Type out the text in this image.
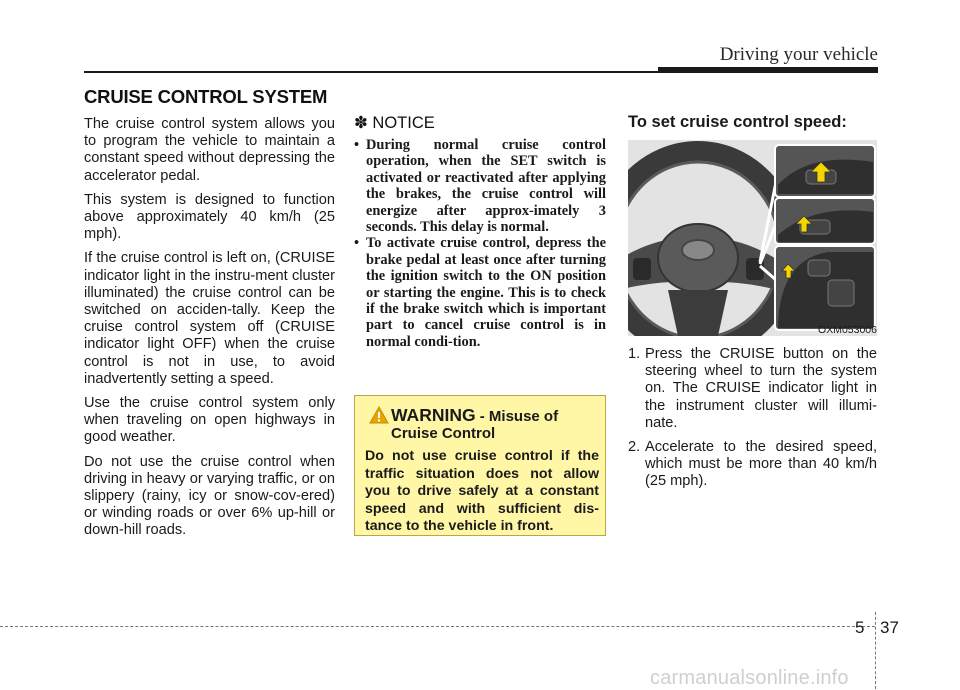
Driving your vehicle
CRUISE CONTROL SYSTEM

The cruise control system allows you to program the vehicle to maintain a constant speed without depressing the accelerator pedal.

This system is designed to function above approximately 40 km/h (25 mph).

If the cruise control is left on, (CRUISE indicator light in the instru-ment cluster illuminated) the cruise control can be switched on acciden-tally. Keep the cruise control system off (CRUISE indicator light OFF) when the cruise control is not in use, to avoid inadvertently setting a speed.

Use the cruise control system only when traveling on open highways in good weather.

Do not use the cruise control when driving in heavy or varying traffic, or on slippery (rainy, icy or snow-cov-ered) or winding roads or over 6% up-hill or down-hill roads.

✽ NOTICE
• During normal cruise control operation, when the SET switch is activated or reactivated after applying the brakes, the cruise control will energize after approx-imately 3 seconds. This delay is normal.
• To activate cruise control, depress the brake pedal at least once after turning the ignition switch to the ON position or starting the engine. This is to check if the brake switch which is important part to cancel cruise control is in normal condi-tion.
WARNING - Misuse of Cruise Control
Do not use cruise control if the traffic situation does not allow you to drive safely at a constant speed and with sufficient dis-tance to the vehicle in front.
To set cruise control speed:
OXM053006
1. Press the CRUISE button on the steering wheel to turn the system on. The CRUISE indicator light in the instrument cluster will illumi-nate.
2. Accelerate to the desired speed, which must be more than 40 km/h (25 mph).
5 37
carmanualsonline.info
